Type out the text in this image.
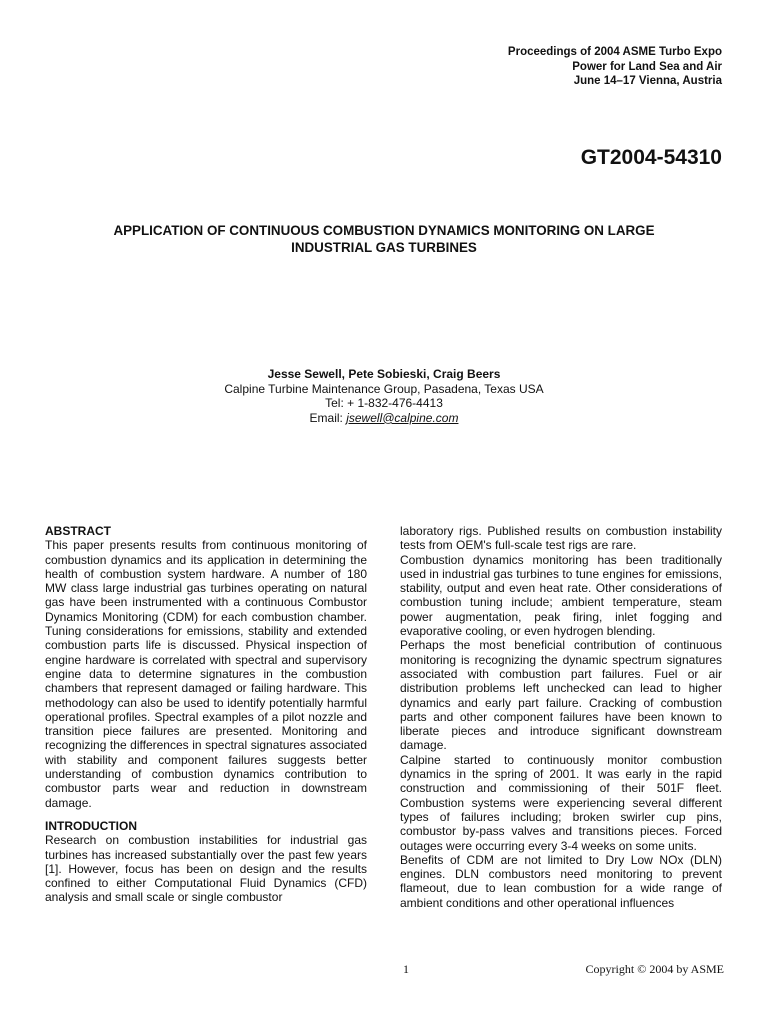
Proceedings of 2004 ASME Turbo Expo
Power for Land Sea and Air
June 14–17 Vienna, Austria
GT2004-54310
APPLICATION OF CONTINUOUS COMBUSTION DYNAMICS MONITORING ON LARGE
INDUSTRIAL GAS TURBINES
Jesse Sewell, Pete Sobieski, Craig Beers
Calpine Turbine Maintenance Group, Pasadena, Texas USA
Tel: + 1-832-476-4413
Email: jsewell@calpine.com
ABSTRACT

This paper presents results from continuous monitoring of combustion dynamics and its application in determining the health of combustion system hardware. A number of 180 MW class large industrial gas turbines operating on natural gas have been instrumented with a continuous Combustor Dynamics Monitoring (CDM) for each combustion chamber. Tuning considerations for emissions, stability and extended combustion parts life is discussed. Physical inspection of engine hardware is correlated with spectral and supervisory engine data to determine signatures in the combustion chambers that represent damaged or failing hardware. This methodology can also be used to identify potentially harmful operational profiles. Spectral examples of a pilot nozzle and transition piece failures are presented. Monitoring and recognizing the differences in spectral signatures associated with stability and component failures suggests better understanding of combustion dynamics contribution to combustor parts wear and reduction in downstream damage.

INTRODUCTION

Research on combustion instabilities for industrial gas turbines has increased substantially over the past few years [1]. However, focus has been on design and the results confined to either Computational Fluid Dynamics (CFD) analysis and small scale or single combustor

laboratory rigs. Published results on combustion instability tests from OEM's full-scale test rigs are rare.

Combustion dynamics monitoring has been traditionally used in industrial gas turbines to tune engines for emissions, stability, output and even heat rate. Other considerations of combustion tuning include; ambient temperature, steam power augmentation, peak firing, inlet fogging and evaporative cooling, or even hydrogen blending.

Perhaps the most beneficial contribution of continuous monitoring is recognizing the dynamic spectrum signatures associated with combustion part failures. Fuel or air distribution problems left unchecked can lead to higher dynamics and early part failure. Cracking of combustion parts and other component failures have been known to liberate pieces and introduce significant downstream damage.

Calpine started to continuously monitor combustion dynamics in the spring of 2001. It was early in the rapid construction and commissioning of their 501F fleet. Combustion systems were experiencing several different types of failures including; broken swirler cup pins, combustor by-pass valves and transitions pieces. Forced outages were occurring every 3-4 weeks on some units.

Benefits of CDM are not limited to Dry Low NOx (DLN) engines. DLN combustors need monitoring to prevent flameout, due to lean combustion for a wide range of ambient conditions and other operational influences

1	Copyright © 2004 by ASME
